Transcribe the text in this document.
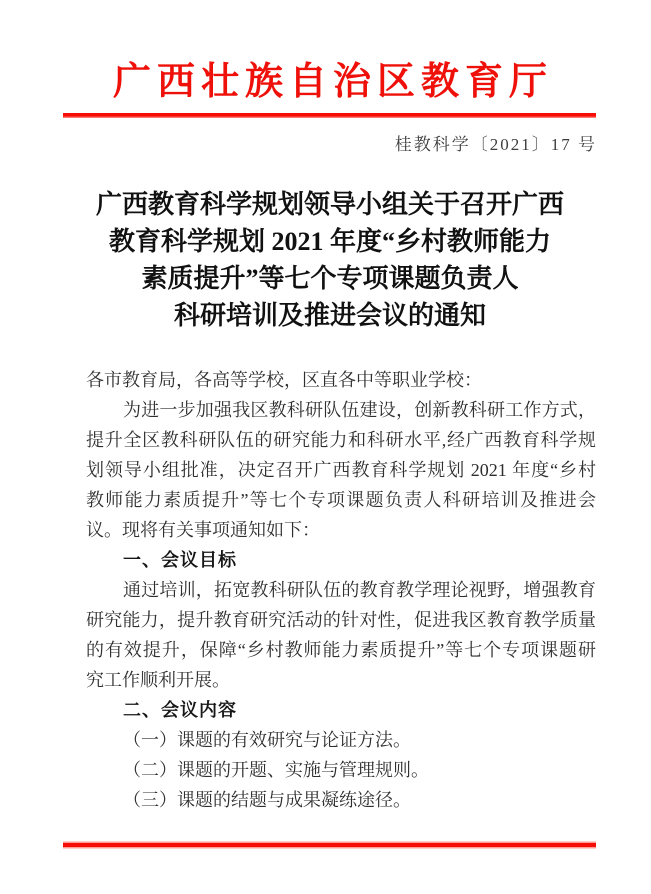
广西壮族自治区教育厅
桂教科学〔2021〕17 号
广西教育科学规划领导小组关于召开广西
教育科学规划 2021 年度“乡村教师能力
素质提升”等七个专项课题负责人
科研培训及推进会议的通知
各市教育局，各高等学校，区直各中等职业学校：
为进一步加强我区教科研队伍建设，创新教科研工作方式，
提升全区教科研队伍的研究能力和科研水平,经广西教育科学规
划领导小组批准，决定召开广西教育科学规划 2021 年度“乡村
教师能力素质提升”等七个专项课题负责人科研培训及推进会
议。现将有关事项通知如下：
一、会议目标
通过培训，拓宽教科研队伍的教育教学理论视野，增强教育
研究能力，提升教育研究活动的针对性，促进我区教育教学质量
的有效提升，保障“乡村教师能力素质提升”等七个专项课题研
究工作顺利开展。
二、会议内容
（一）课题的有效研究与论证方法。
（二）课题的开题、实施与管理规则。
（三）课题的结题与成果凝练途径。
